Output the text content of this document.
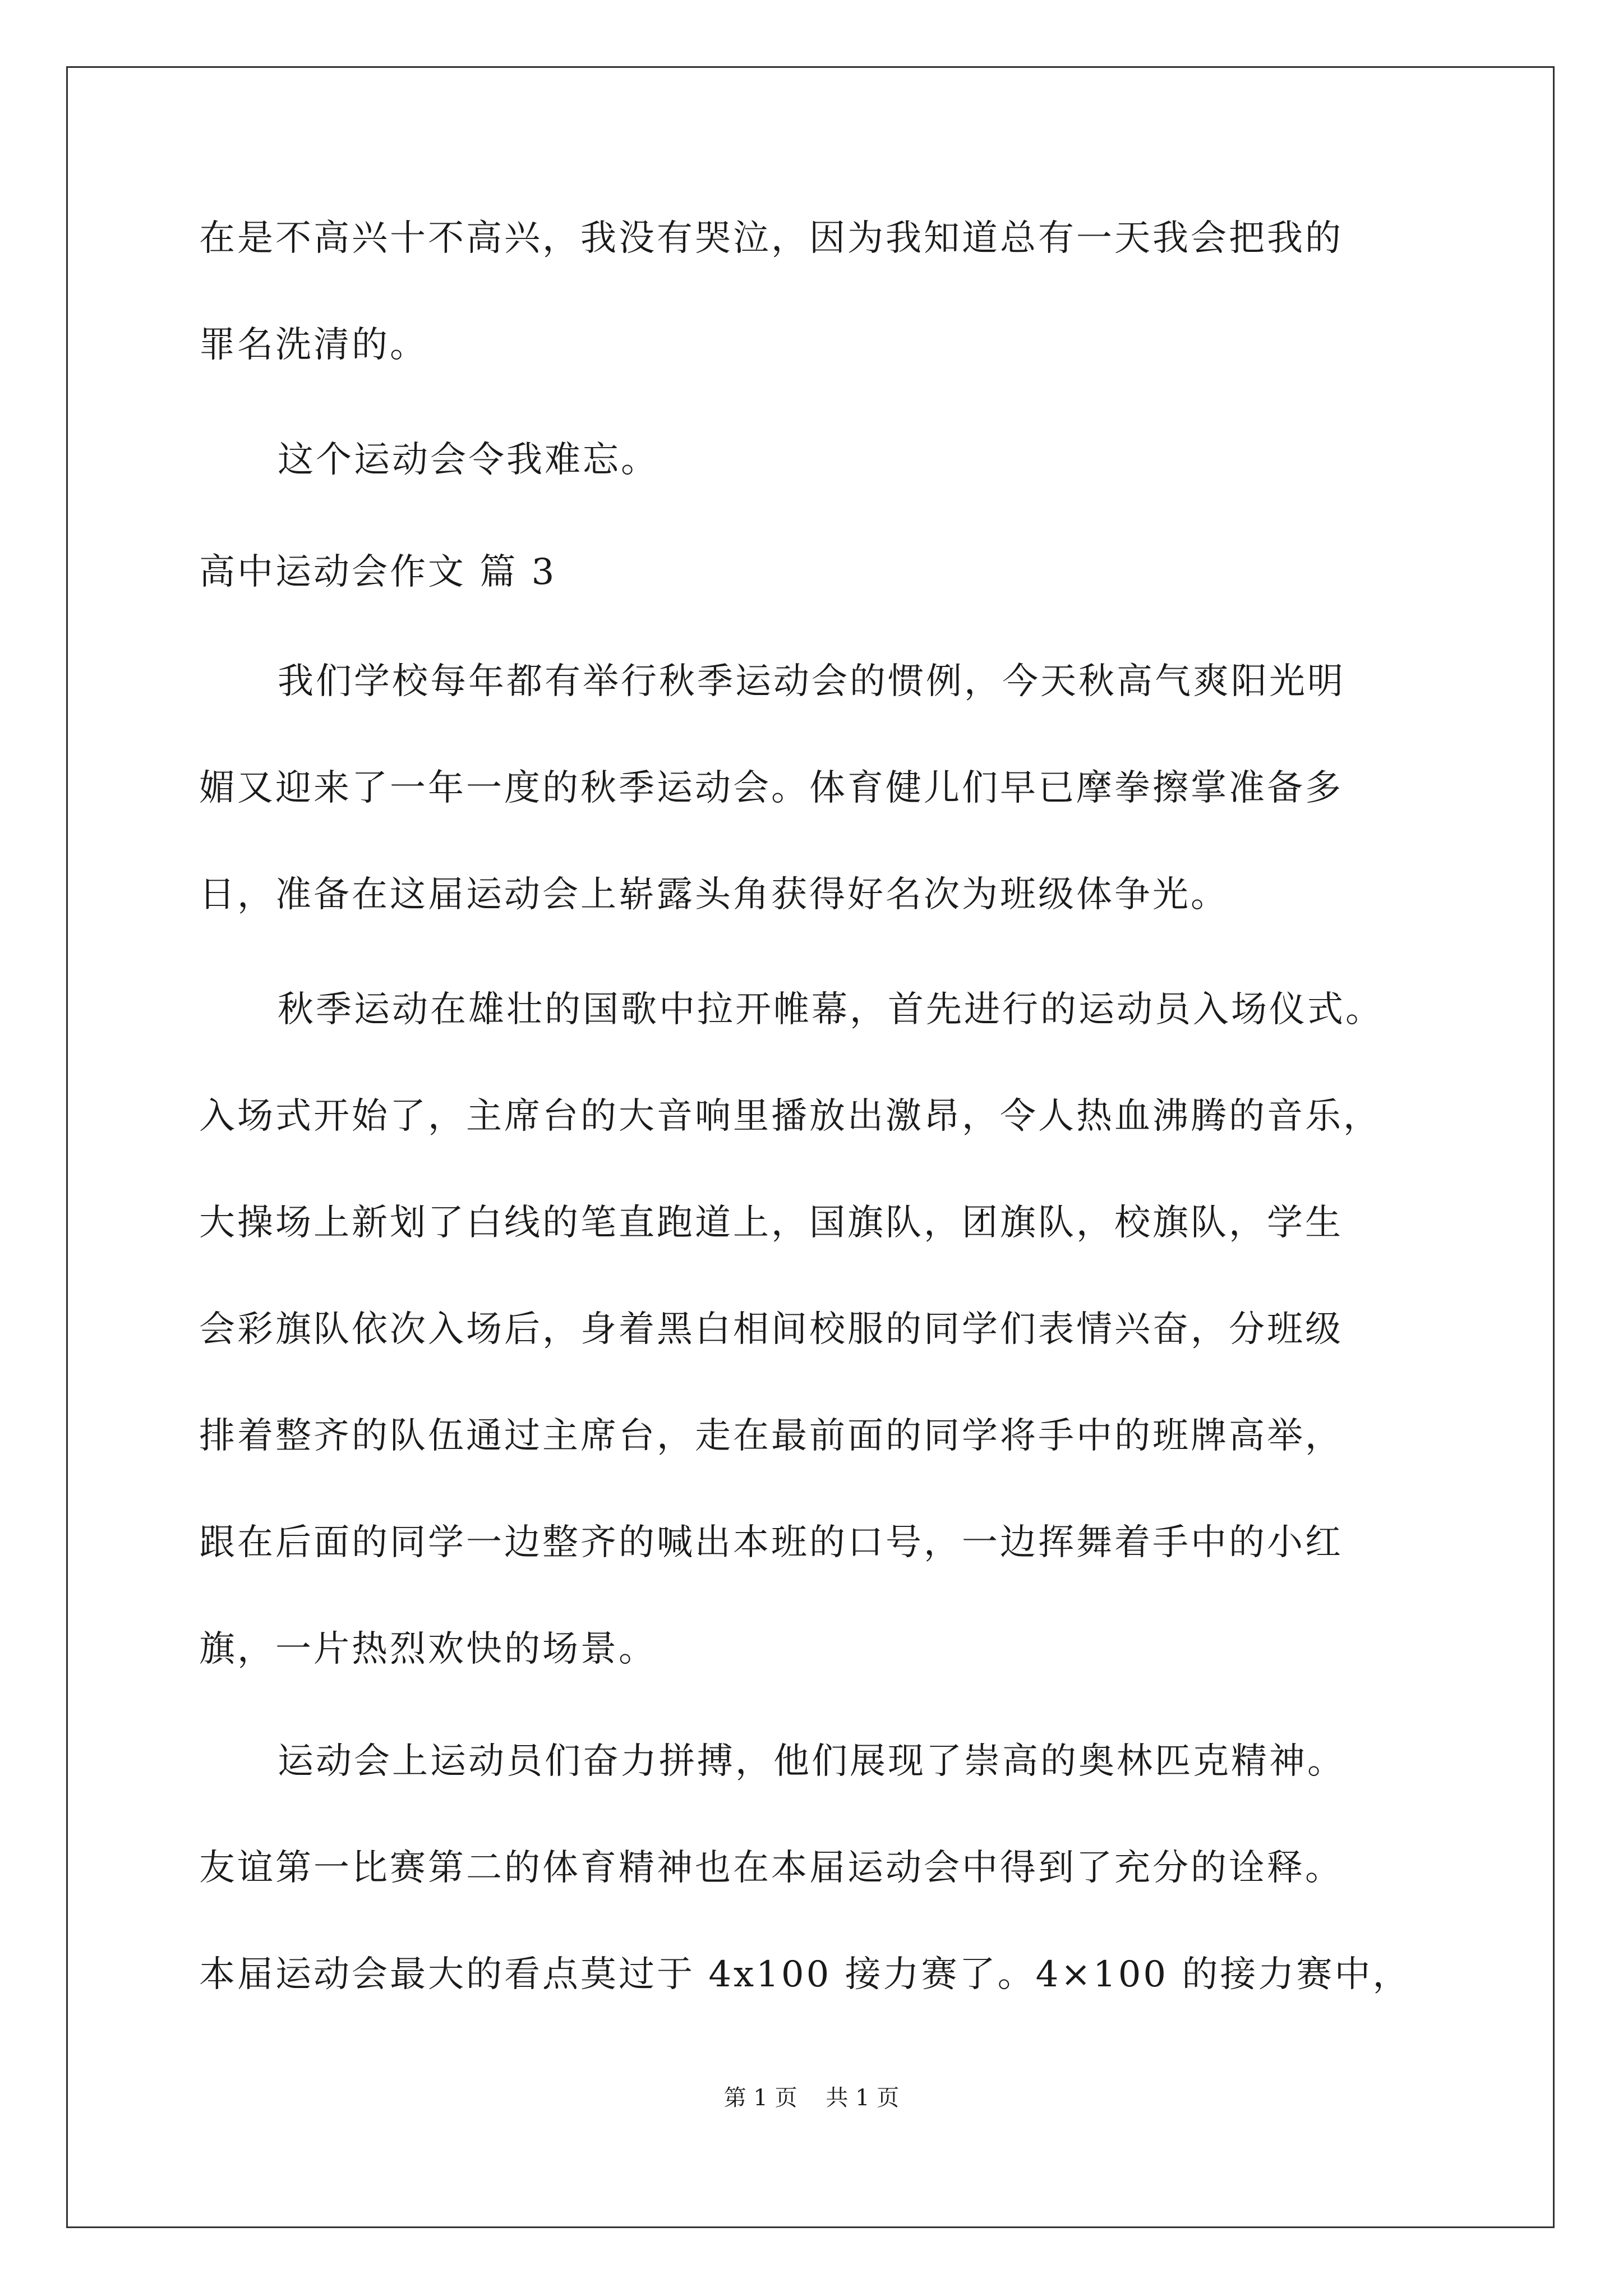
在是不高兴十不高兴，我没有哭泣，因为我知道总有一天我会把我的
罪名洗清的。
这个运动会令我难忘。
高中运动会作文 篇 3
我们学校每年都有举行秋季运动会的惯例，今天秋高气爽阳光明
媚又迎来了一年一度的秋季运动会。体育健儿们早已摩拳擦掌准备多
日，准备在这届运动会上崭露头角获得好名次为班级体争光。
秋季运动在雄壮的国歌中拉开帷幕，首先进行的运动员入场仪式。
入场式开始了，主席台的大音响里播放出激昂，令人热血沸腾的音乐，
大操场上新划了白线的笔直跑道上，国旗队，团旗队，校旗队，学生
会彩旗队依次入场后，身着黑白相间校服的同学们表情兴奋，分班级
排着整齐的队伍通过主席台，走在最前面的同学将手中的班牌高举，
跟在后面的同学一边整齐的喊出本班的口号，一边挥舞着手中的小红
旗，一片热烈欢快的场景。
运动会上运动员们奋力拼搏，他们展现了崇高的奥林匹克精神。
友谊第一比赛第二的体育精神也在本届运动会中得到了充分的诠释。
本届运动会最大的看点莫过于 4x100 接力赛了。4×100 的接力赛中，
第 1 页    共 1 页
